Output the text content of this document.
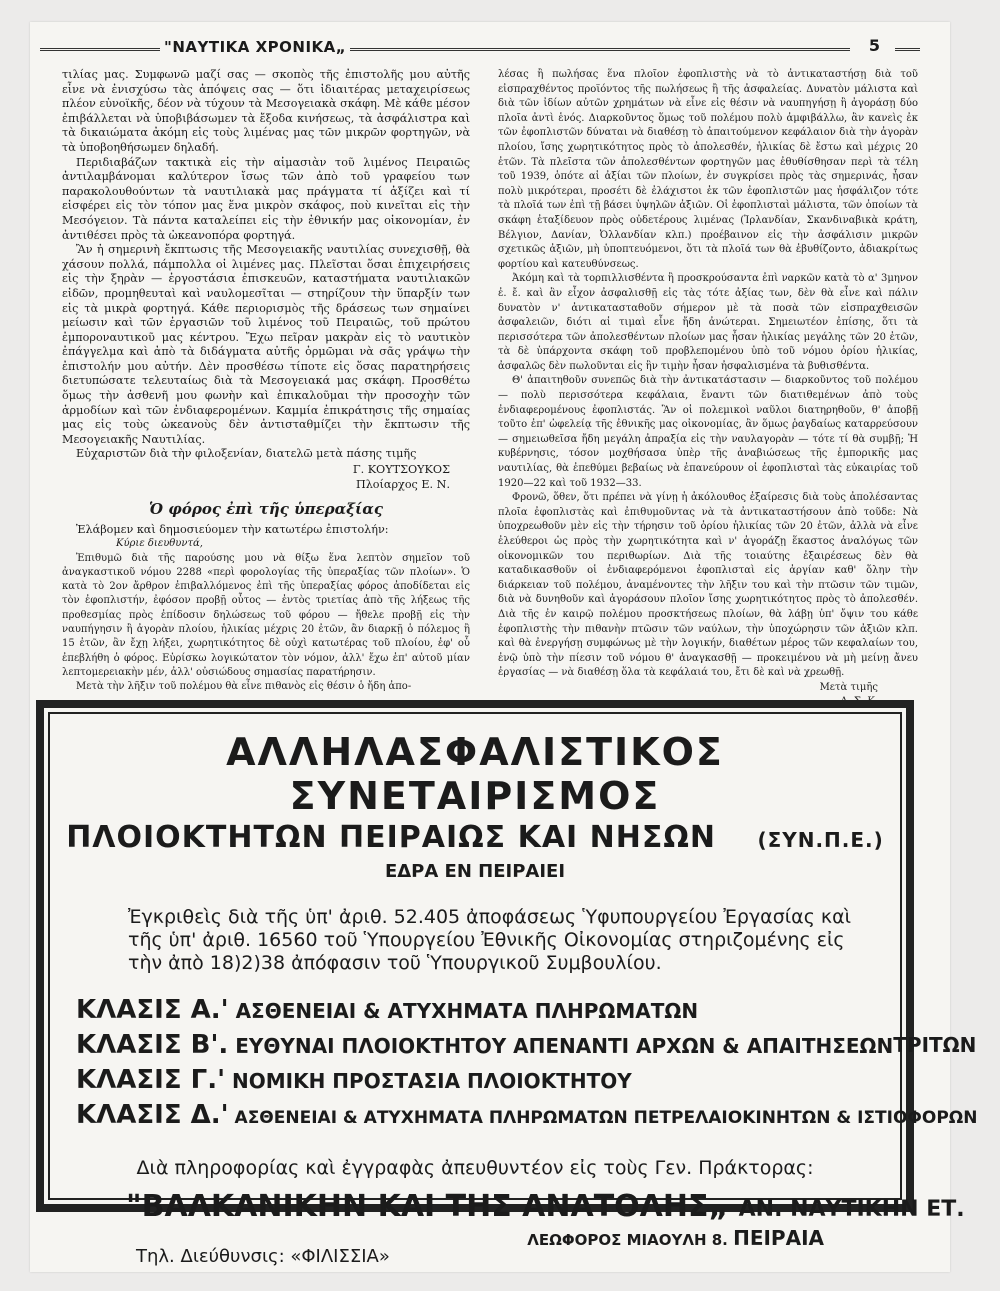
"ΝΑΥΤΙΚΑ ΧΡΟΝΙΚΑ„	5

τιλίας μας. Συμφωνῶ μαζί σας — σκοπὸς τῆς ἐπιστολῆς μου αὐτῆς εἶνε νὰ ἐνισχύσω τὰς ἀπόψεις σας — ὅτι ἰδιαιτέρας μεταχειρίσεως πλέον εὐνοϊκῆς, δέον νὰ τύχουν τὰ Μεσογειακὰ σκάφη. Μὲ κάθε μέσον ἐπιβάλλεται νὰ ὑποβιβάσωμεν τὰ ἔξοδα κινήσεως, τὰ ἀσφάλιστρα καὶ τὰ δικαιώματα ἀκόμη εἰς τοὺς λιμένας μας τῶν μικρῶν φορτηγῶν, νὰ τὰ ὑποβοηθήσωμεν δηλαδή.

Περιδιαβάζων τακτικὰ εἰς τὴν αἰμασιὰν τοῦ λιμένος Πειραιῶς ἀντιλαμβάνομαι καλύτερον ἴσως τῶν ἀπὸ τοῦ γραφείου των παρακολουθούντων τὰ ναυτιλιακὰ μας πράγματα τί ἀξίζει καὶ τί εἰσφέρει εἰς τὸν τόπον μας ἕνα μικρὸν σκάφος, ποὺ κινεῖται εἰς τὴν Μεσόγειον. Τὰ πάντα καταλείπει εἰς τὴν ἐθνικήν μας οἰκονομίαν, ἐν ἀντιθέσει πρὸς τὰ ὠκεανοπόρα φορτηγά.

Ἂν ἡ σημερινὴ ἔκπτωσις τῆς Μεσογειακῆς ναυτιλίας συνεχισθῇ, θὰ χάσουν πολλά, πάμπολλα οἱ λιμένες μας. Πλεῖσται ὅσαι ἐπιχειρήσεις εἰς τὴν ξηρὰν — ἐργοστάσια ἐπισκευῶν, καταστήματα ναυτιλιακῶν εἰδῶν, προμηθευταὶ καὶ ναυλομεσῖται — στηρίζουν τὴν ὕπαρξίν των εἰς τὰ μικρὰ φορτηγά. Κάθε περιορισμὸς τῆς δράσεως των σημαίνει μείωσιν καὶ τῶν ἐργασιῶν τοῦ λιμένος τοῦ Πειραιῶς, τοῦ πρώτου ἐμποροναυτικοῦ μας κέντρου. Ἔχω πεῖραν μακρὰν εἰς τὸ ναυτικὸν ἐπάγγελμα καὶ ἀπὸ τὰ διδάγματα αὐτῆς ὁρμῶμαι νὰ σᾶς γράψω τὴν ἐπιστολήν μου αὐτήν. Δὲν προσθέσω τίποτε εἰς ὅσας παρατηρήσεις διετυπώσατε τελευταίως διὰ τὰ Μεσογειακά μας σκάφη. Προσθέτω ὅμως τὴν ἀσθενῆ μου φωνὴν καὶ ἐπικαλοῦμαι τὴν προσοχὴν τῶν ἁρμοδίων καὶ τῶν ἐνδιαφερομένων. Καμμία ἐπικράτησις τῆς σημαίας μας εἰς τοὺς ὠκεανοὺς δὲν ἀντισταθμίζει τὴν ἔκπτωσιν τῆς Μεσογειακῆς Ναυτιλίας.

Εὐχαριστῶν διὰ τὴν φιλοξενίαν, διατελῶ μετὰ πάσης τιμῆς

Γ. ΚΟΥΤΣΟΥΚΟΣ
Πλοίαρχος Ε. Ν.
Ὁ φόρος ἐπὶ τῆς ὑπεραξίας

Ἐλάβομεν καὶ δημοσιεύομεν τὴν κατωτέρω ἐπιστολήν:

Κύριε διευθυντά,

Ἐπιθυμῶ διὰ τῆς παρούσης μου νὰ θίξω ἕνα λεπτὸν σημεῖον τοῦ ἀναγκαστικοῦ νόμου 2288 «περὶ φορολογίας τῆς ὑπεραξίας τῶν πλοίων». Ὁ κατὰ τὸ 2ον ἄρθρον ἐπιβαλλόμενος ἐπὶ τῆς ὑπεραξίας φόρος ἀποδίδεται εἰς τὸν ἐφοπλιστήν, ἐφόσον προβῇ οὗτος — ἐντὸς τριετίας ἀπὸ τῆς λήξεως τῆς προθεσμίας πρὸς ἐπίδοσιν δηλώσεως τοῦ φόρου — ἤθελε προβῇ εἰς τὴν ναυπήγησιν ἢ ἀγορὰν πλοίου, ἡλικίας μέχρις 20 ἐτῶν, ἂν διαρκῇ ὁ πόλεμος ἢ 15 ἐτῶν, ἂν ἔχῃ λήξει, χωρητικότητος δὲ οὐχὶ κατωτέρας τοῦ πλοίου, ἐφ' οὗ ἐπεβλήθη ὁ φόρος. Εὐρίσκω λογικώτατον τὸν νόμον, ἀλλ' ἔχω ἐπ' αὐτοῦ μίαν λεπτομερειακὴν μέν, ἀλλ' οὐσιώδους σημασίας παρατήρησιν.

Μετὰ τὴν λῆξιν τοῦ πολέμου θὰ εἶνε πιθανὸς εἰς θέσιν ὁ ἤδη ἀπο-

λέσας ἢ πωλήσας ἕνα πλοῖον ἐφοπλιστὴς νὰ τὸ ἀντικαταστήσῃ διὰ τοῦ εἰσπραχθέντος προϊόντος τῆς πωλήσεως ἢ τῆς ἀσφαλείας. Δυνατὸν μάλιστα καὶ διὰ τῶν ἰδίων αὐτῶν χρημάτων νὰ εἶνε εἰς θέσιν νὰ ναυπηγήσῃ ἢ ἀγοράσῃ δύο πλοῖα ἀντὶ ἑνός. Διαρκοῦντος ὅμως τοῦ πολέμου πολὺ ἀμφιβάλλω, ἂν κανεὶς ἐκ τῶν ἐφοπλιστῶν δύναται νὰ διαθέσῃ τὸ ἀπαιτούμενον κεφάλαιον διὰ τὴν ἀγορὰν πλοίου, ἴσης χωρητικότητος πρὸς τὸ ἀπολεσθέν, ἡλικίας δὲ ἔστω καὶ μέχρις 20 ἐτῶν. Τὰ πλεῖστα τῶν ἀπολεσθέντων φορτηγῶν μας ἐθυθίσθησαν περὶ τὰ τέλη τοῦ 1939, ὁπότε αἱ ἀξίαι τῶν πλοίων, ἐν συγκρίσει πρὸς τὰς σημερινάς, ἦσαν πολὺ μικρότεραι, προσέτι δὲ ἐλάχιστοι ἐκ τῶν ἐφοπλιστῶν μας ἠσφάλιζον τότε τὰ πλοῖά των ἐπὶ τῇ βάσει ὑψηλῶν ἀξιῶν. Οἱ ἐφοπλισταὶ μάλιστα, τῶν ὁποίων τὰ σκάφη ἐταξίδευον πρὸς οὐδετέρους λιμένας (Ἰρλανδίαν, Σκανδιναβικὰ κράτη, Βέλγιον, Δανίαν, Ὀλλανδίαν κλπ.) προέβαινον εἰς τὴν ἀσφάλισιν μικρῶν σχετικῶς ἀξιῶν, μὴ ὑποπτευόμενοι, ὅτι τὰ πλοῖά των θὰ ἐβυθίζοντο, ἀδιακρίτως φορτίου καὶ κατευθύνσεως.

Ἀκόμη καὶ τὰ τορπιλλισθέντα ἢ προσκρούσαντα ἐπὶ ναρκῶν κατὰ τὸ α' 3μηνον ἐ. ἔ. καὶ ἂν εἶχον ἀσφαλισθῇ εἰς τὰς τότε ἀξίας των, δὲν θὰ εἶνε καὶ πάλιν δυνατὸν ν' ἀντικατασταθοῦν σήμερον μὲ τὰ ποσὰ τῶν εἰσπραχθεισῶν ἀσφαλειῶν, διότι αἱ τιμαὶ εἶνε ἤδη ἀνώτεραι. Σημειωτέον ἐπίσης, ὅτι τὰ περισσότερα τῶν ἀπολεσθέντων πλοίων μας ἦσαν ἡλικίας μεγάλης τῶν 20 ἐτῶν, τὰ δὲ ὑπάρχοντα σκάφη τοῦ προβλεπομένου ὑπὸ τοῦ νόμου ὁρίου ἡλικίας, ἀσφαλῶς δὲν πωλοῦνται εἰς ἣν τιμὴν ἦσαν ἠσφαλισμένα τὰ βυθισθέντα.

Θ' ἀπαιτηθοῦν συνεπῶς διὰ τὴν ἀντικατάστασιν — διαρκοῦντος τοῦ πολέμου — πολὺ περισσότερα κεφάλαια, ἔναντι τῶν διατιθεμένων ἀπὸ τοὺς ἐνδιαφερομένους ἐφοπλιστάς. Ἂν οἱ πολεμικοὶ ναῦλοι διατηρηθοῦν, θ' ἀποβῇ τοῦτο ἐπ' ὠφελείᾳ τῆς ἐθνικῆς μας οἰκονομίας, ἂν ὅμως ῥαγδαίως καταρρεύσουν — σημειωθεῖσα ἤδη μεγάλη ἀπραξία εἰς τὴν ναυλαγορὰν — τότε τί θὰ συμβῇ; Ἡ κυβέρνησις, τόσον μοχθήσασα ὑπὲρ τῆς ἀναβιώσεως τῆς ἐμπορικῆς μας ναυτιλίας, θὰ ἐπεθύμει βεβαίως νὰ ἐπανεύρουν οἱ ἐφοπλισταὶ τὰς εὐκαιρίας τοῦ 1920—22 καὶ τοῦ 1932—33.

Φρονῶ, ὅθεν, ὅτι πρέπει νὰ γίνῃ ἡ ἀκόλουθος ἐξαίρεσις διὰ τοὺς ἀπολέσαντας πλοῖα ἐφοπλιστὰς καὶ ἐπιθυμοῦντας νὰ τὰ ἀντικαταστήσουν ἀπὸ τοῦδε: Νὰ ὑποχρεωθοῦν μὲν εἰς τὴν τήρησιν τοῦ ὁρίου ἡλικίας τῶν 20 ἐτῶν, ἀλλὰ νὰ εἶνε ἐλεύθεροι ὡς πρὸς τὴν χωρητικότητα καὶ ν' ἀγοράζῃ ἕκαστος ἀναλόγως τῶν οἰκονομικῶν του περιθωρίων. Διὰ τῆς τοιαύτης ἐξαιρέσεως δὲν θὰ καταδικασθοῦν οἱ ἐνδιαφερόμενοι ἐφοπλισταὶ εἰς ἀργίαν καθ' ὅλην τὴν διάρκειαν τοῦ πολέμου, ἀναμένοντες τὴν λῆξιν του καὶ τὴν πτῶσιν τῶν τιμῶν, διὰ νὰ δυνηθοῦν καὶ ἀγοράσουν πλοῖον ἴσης χωρητικότητος πρὸς τὸ ἀπολεσθέν. Διὰ τῆς ἐν καιρῷ πολέμου προσκτήσεως πλοίων, θὰ λάβῃ ὑπ' ὄψιν του κάθε ἐφοπλιστὴς τὴν πιθανὴν πτῶσιν τῶν ναύλων, τὴν ὑποχώρησιν τῶν ἀξιῶν κλπ. καὶ θὰ ἐνεργήσῃ συμφώνως μὲ τὴν λογικήν, διαθέτων μέρος τῶν κεφαλαίων του, ἐνῷ ὑπὸ τὴν πίεσιν τοῦ νόμου θ' ἀναγκασθῇ — προκειμένου νὰ μὴ μείνῃ ἄνευ ἐργασίας — νὰ διαθέσῃ ὅλα τὰ κεφάλαιά του, ἔτι δὲ καὶ νὰ χρεωθῇ.

Μετὰ τιμῆς
ΑΛΛΗΛΑΣΦΑΛΙΣΤΙΚΟΣ ΣΥΝΕΤΑΙΡΙΣΜΟΣ
ΠΛΟΙΟΚΤΗΤΩΝ ΠΕΙΡΑΙΩΣ ΚΑΙ ΝΗΣΩΝ (ΣΥΝ.Π.Ε.)
ΕΔΡΑ ΕΝ ΠΕΙΡΑΙΕΙ
Ἐγκριθεὶς διὰ τῆς ὑπ' ἀριθ. 52.405 ἀποφάσεως Ὑφυπουργείου Ἐργασίας καὶ τῆς ὑπ' ἀριθ. 16560 τοῦ Ὑπουργείου Ἐθνικῆς Οἰκονομίας στηριζομένης εἰς τὴν ἀπὸ 18)2)38 ἀπόφασιν τοῦ Ὑπουργικοῦ Συμβουλίου.
ΚΛΑΣΙΣ Α.' ΑΣΘΕΝΕΙΑΙ & ΑΤΥΧΗΜΑΤΑ ΠΛΗΡΩΜΑΤΩΝ
ΚΛΑΣΙΣ Β'. ΕΥΘΥΝΑΙ ΠΛΟΙΟΚΤΗΤΟΥ ΑΠΕΝΑΝΤΙ ΑΡΧΩΝ & ΑΠΑΙΤΗΣΕΩΝ ΤΡΙΤΩΝ
ΚΛΑΣΙΣ Γ.' ΝΟΜΙΚΗ ΠΡΟΣΤΑΣΙΑ ΠΛΟΙΟΚΤΗΤΟΥ
ΚΛΑΣΙΣ Δ.' ΑΣΘΕΝΕΙΑΙ & ΑΤΥΧΗΜΑΤΑ ΠΛΗΡΩΜΑΤΩΝ ΠΕΤΡΕΛΑΙΟΚΙΝΗΤΩΝ & ΙΣΤΙΟΦΟΡΩΝ
Διὰ πληροφορίας καὶ ἐγγραφὰς ἀπευθυντέον εἰς τοὺς Γεν. Πράκτορας:
"ΒΑΛΚΑΝΙΚΗΝ ΚΑΙ ΤΗΣ ΑΝΑΤΟΛΗΣ„ ΑΝ. ΝΑΥΤΙΚΗΝ ΕΤ.
ΛΕΩΦΟΡΟΣ ΜΙΑΟΥΛΗ 8. ΠΕΙΡΑΙΑ
Τηλ. Διεύθυνσις: «ΦΙΛΙΣΣΙΑ»
